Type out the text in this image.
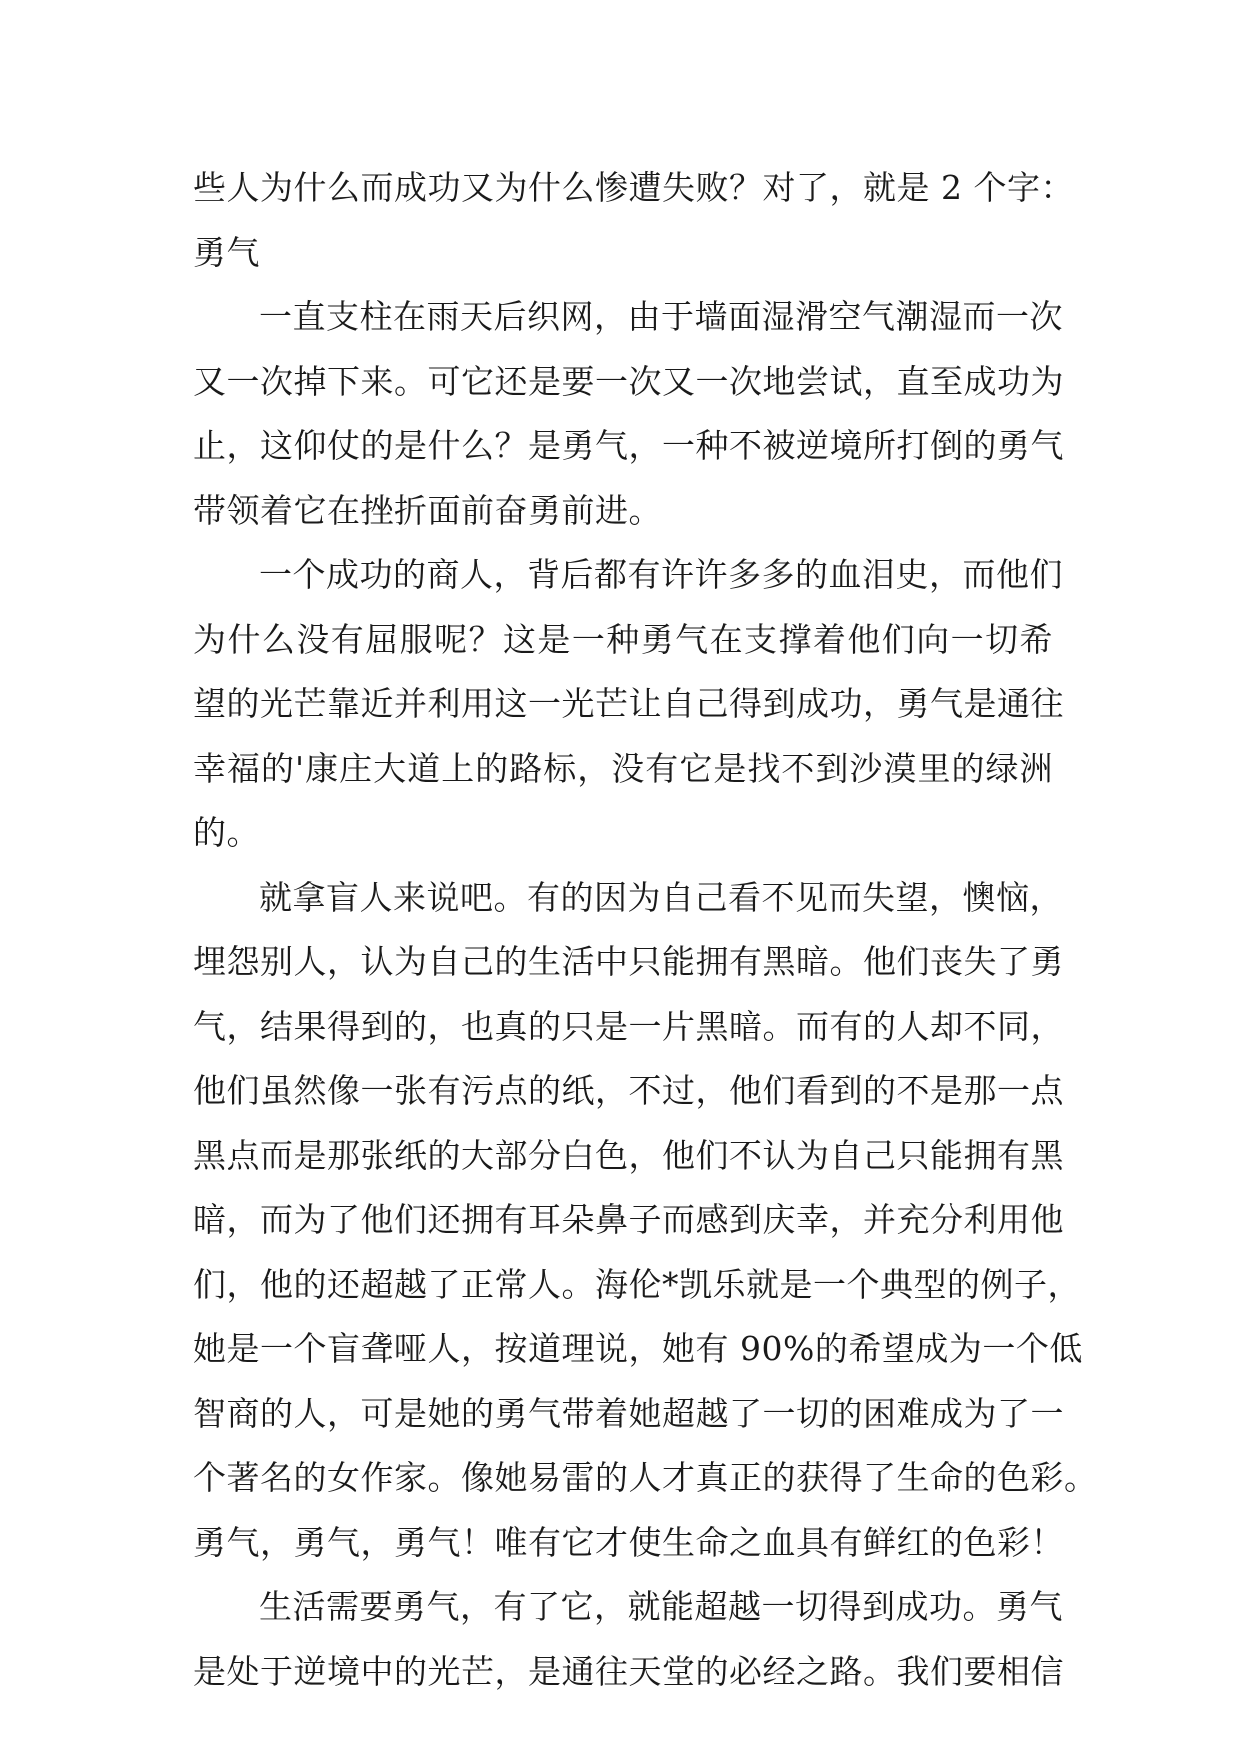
些人为什么而成功又为什么惨遭失败？对了，就是 2 个字：
勇气
一直支柱在雨天后织网，由于墙面湿滑空气潮湿而一次
又一次掉下来。可它还是要一次又一次地尝试，直至成功为
止，这仰仗的是什么？是勇气，一种不被逆境所打倒的勇气
带领着它在挫折面前奋勇前进。
一个成功的商人，背后都有许许多多的血泪史，而他们
为什么没有屈服呢？这是一种勇气在支撑着他们向一切希
望的光芒靠近并利用这一光芒让自己得到成功，勇气是通往
幸福的'康庄大道上的路标，没有它是找不到沙漠里的绿洲
的。
就拿盲人来说吧。有的因为自己看不见而失望，懊恼，
埋怨别人，认为自己的生活中只能拥有黑暗。他们丧失了勇
气，结果得到的，也真的只是一片黑暗。而有的人却不同，
他们虽然像一张有污点的纸，不过，他们看到的不是那一点
黑点而是那张纸的大部分白色，他们不认为自己只能拥有黑
暗，而为了他们还拥有耳朵鼻子而感到庆幸，并充分利用他
们，他的还超越了正常人。海伦*凯乐就是一个典型的例子，
她是一个盲聋哑人，按道理说，她有 90%的希望成为一个低
智商的人，可是她的勇气带着她超越了一切的困难成为了一
个著名的女作家。像她易雷的人才真正的获得了生命的色彩。
勇气，勇气，勇气！唯有它才使生命之血具有鲜红的色彩！
生活需要勇气，有了它，就能超越一切得到成功。勇气
是处于逆境中的光芒，是通往天堂的必经之路。我们要相信
